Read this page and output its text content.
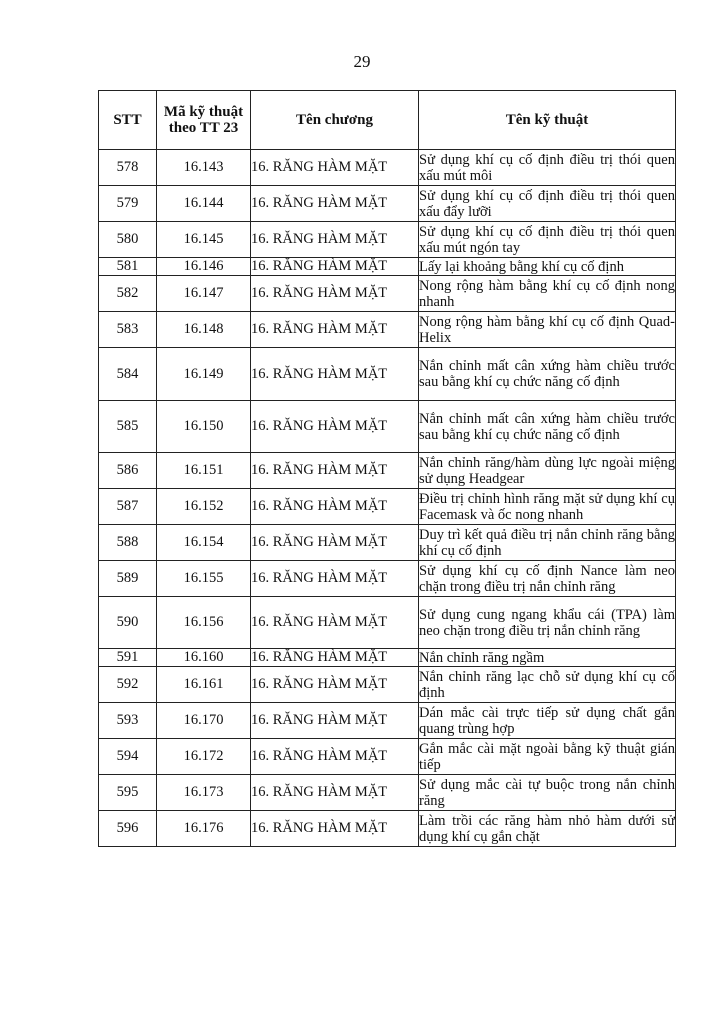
29
STT	Mã kỹ thuật theo TT 23	Tên chương	Tên kỹ thuật
578	16.143	16. RĂNG HÀM MẶT	Sử dụng khí cụ cố định điều trị thói quen xấu mút môi
579	16.144	16. RĂNG HÀM MẶT	Sử dụng khí cụ cố định điều trị thói quen xấu đẩy lưỡi
580	16.145	16. RĂNG HÀM MẶT	Sử dụng khí cụ cố định điều trị thói quen xấu mút ngón tay
581	16.146	16. RĂNG HÀM MẶT	Lấy lại khoảng bằng khí cụ cố định
582	16.147	16. RĂNG HÀM MẶT	Nong rộng hàm bằng khí cụ cố định nong nhanh
583	16.148	16. RĂNG HÀM MẶT	Nong rộng hàm bằng khí cụ cố định Quad-Helix
584	16.149	16. RĂNG HÀM MẶT	Nắn chỉnh mất cân xứng hàm chiều trước sau bằng khí cụ chức năng cố định
585	16.150	16. RĂNG HÀM MẶT	Nắn chỉnh mất cân xứng hàm chiều trước sau bằng khí cụ chức năng cố định
586	16.151	16. RĂNG HÀM MẶT	Nắn chỉnh răng/hàm dùng lực ngoài miệng sử dụng Headgear
587	16.152	16. RĂNG HÀM MẶT	Điều trị chỉnh hình răng mặt sử dụng khí cụ Facemask và ốc nong nhanh
588	16.154	16. RĂNG HÀM MẶT	Duy trì kết quả điều trị nắn chỉnh răng bằng khí cụ cố định
589	16.155	16. RĂNG HÀM MẶT	Sử dụng khí cụ cố định Nance làm neo chặn trong điều trị nắn chỉnh răng
590	16.156	16. RĂNG HÀM MẶT	Sử dụng cung ngang khẩu cái (TPA) làm neo chặn trong điều trị nắn chỉnh răng
591	16.160	16. RĂNG HÀM MẶT	Nắn chỉnh răng ngầm
592	16.161	16. RĂNG HÀM MẶT	Nắn chỉnh răng lạc chỗ sử dụng khí cụ cố định
593	16.170	16. RĂNG HÀM MẶT	Dán mắc cài trực tiếp sử dụng chất gắn quang trùng hợp
594	16.172	16. RĂNG HÀM MẶT	Gắn mắc cài mặt ngoài bằng kỹ thuật gián tiếp
595	16.173	16. RĂNG HÀM MẶT	Sử dụng mắc cài tự buộc trong nắn chỉnh răng
596	16.176	16. RĂNG HÀM MẶT	Làm trồi các răng hàm nhỏ hàm dưới sử dụng khí cụ gắn chặt
